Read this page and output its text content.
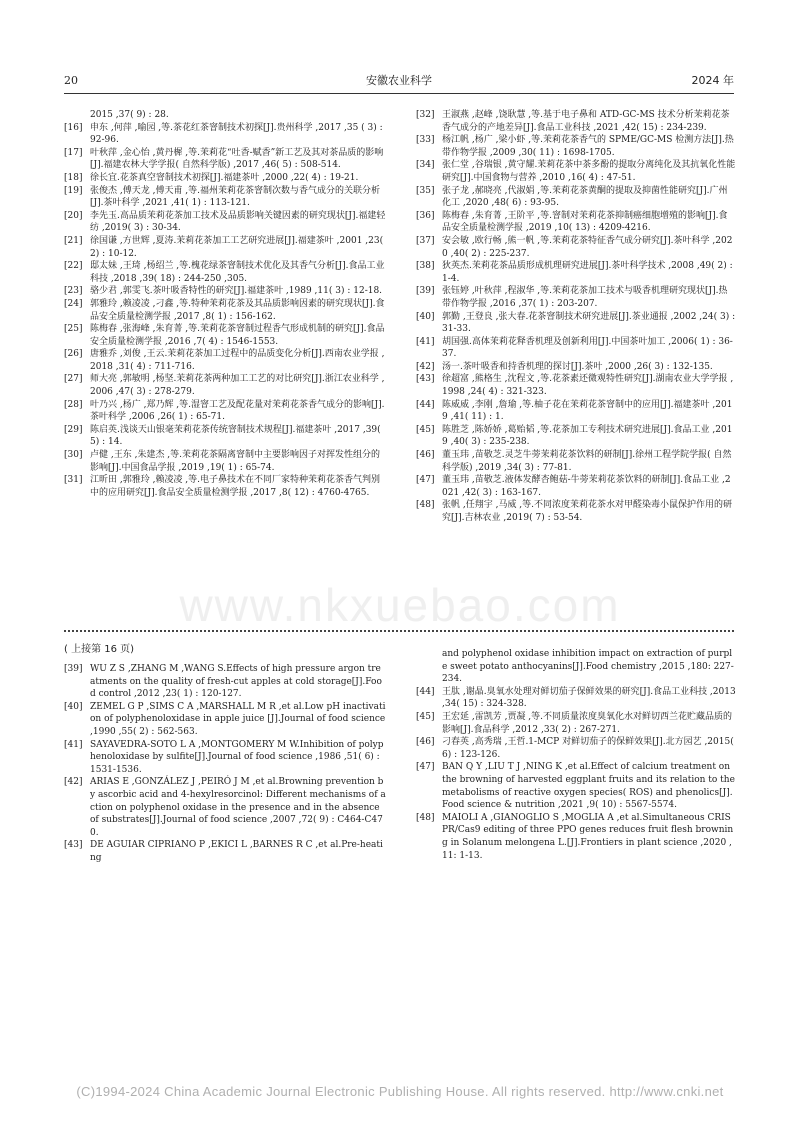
20	安徽农业科学	2024 年
2015 ,37( 9) : 28.
[16] 申东 ,何萍 ,喻园 ,等.茶花红茶窨制技术初探[J].贵州科学 ,2017 ,35 ( 3) : 92-96.
[17] 叶秋萍 ,金心怡 ,黄丹樨 ,等.茉莉花“吐香-赋香”新工艺及其对茶品质的影响[J].福建农林大学学报( 自然科学版) ,2017 ,46( 5) : 508-514.
[18] 徐长宜.花茶真空窨制技术初探[J].福建茶叶 ,2000 ,22( 4) : 19-21.
[19] 张俊杰 ,傅天龙 ,傅天甫 ,等.福州茉莉花茶窨制次数与香气成分的关联分析[J].茶叶科学 ,2021 ,41( 1) : 113-121.
[20] 李先玉.高品质茉莉花茶加工技术及品质影响关键因素的研究现状[J].福建轻纺 ,2019( 3) : 30-34.
[21] 徐国谦 ,方世辉 ,夏涛.茉莉花茶加工工艺研究进展[J].福建茶叶 ,2001 ,23( 2) : 10-12.
[22] 邸太妹 ,王琦 ,杨绍兰 ,等.槐花绿茶窨制技术优化及其香气分析[J].食品工业科技 ,2018 ,39( 18) : 244-250 ,305.
[23] 骆少君 ,郭雯飞.茶叶吸香特性的研究[J].福建茶叶 ,1989 ,11( 3) : 12-18.
[24] 郭雅玲 ,赖凌凌 ,刁鑫 ,等.特种茉莉花茶及其品质影响因素的研究现状[J].食品安全质量检测学报 ,2017 ,8( 1) : 156-162.
[25] 陈梅春 ,张海峰 ,朱育菁 ,等.茉莉花茶窨制过程香气形成机制的研究[J].食品安全质量检测学报 ,2016 ,7( 4) : 1546-1553.
[26] 唐雅乔 ,刘俊 ,王云.茉莉花茶加工过程中的品质变化分析[J].西南农业学报 ,2018 ,31( 4) : 711-716.
[27] 师大亮 ,郭敏明 ,杨坚.茉莉花茶两种加工工艺的对比研究[J].浙江农业科学 ,2006 ,47( 3) : 278-279.
[28] 叶乃兴 ,杨广 ,郑乃辉 ,等.湿窨工艺及配花量对茉莉花茶香气成分的影响[J].茶叶科学 ,2006 ,26( 1) : 65-71.
[29] 陈启英.浅谈天山银毫茉莉花茶传统窨制技术规程[J].福建茶叶 ,2017 ,39( 5) : 14.
[30] 卢健 ,王东 ,朱建杰 ,等.茉莉花茶隔离窨制中主要影响因子对挥发性组分的影响[J].中国食品学报 ,2019 ,19( 1) : 65-74.
[31] 江昕田 ,郭雅玲 ,赖凌凌 ,等.电子鼻技术在不同厂家特种茉莉花茶香气判别中的应用研究[J].食品安全质量检测学报 ,2017 ,8( 12) : 4760-4765.
[32] 王淑燕 ,赵峰 ,饶耿慧 ,等.基于电子鼻和 ATD-GC-MS 技术分析茉莉花茶香气成分的产地差异[J].食品工业科技 ,2021 ,42( 15) : 234-239.
[33] 杨江帆 ,杨广 ,梁小虾 ,等.茉莉花茶香气的 SPME/GC-MS 检测方法[J].热带作物学报 ,2009 ,30( 11) : 1698-1705.
[34] 张仁堂 ,谷瑞银 ,黄守耀.茉莉花茶中茶多酚的提取分离纯化及其抗氧化性能研究[J].中国食物与营养 ,2010 ,16( 4) : 47-51.
[35] 张子龙 ,郝晓亮 ,代淑娟 ,等.茉莉花茶黄酮的提取及抑菌性能研究[J].广州化工 ,2020 ,48( 6) : 93-95.
[36] 陈梅春 ,朱育菁 ,王阶平 ,等.窨制对茉莉花茶抑制癌细胞增殖的影响[J].食品安全质量检测学报 ,2019 ,10( 13) : 4209-4216.
[37] 安会敏 ,欧行畅 ,熊一帆 ,等.茉莉花茶特征香气成分研究[J].茶叶科学 ,2020 ,40( 2) : 225-237.
[38] 狄英杰.茉莉花茶品质形成机理研究进展[J].茶叶科学技术 ,2008 ,49( 2) : 1-4.
[39] 张钰婷 ,叶秋萍 ,程淑华 ,等.茉莉花茶加工技术与吸香机理研究现状[J].热带作物学报 ,2016 ,37( 1) : 203-207.
[40] 郭勤 ,王登良 ,张大春.花茶窨制技术研究进展[J].茶业通报 ,2002 ,24( 3) : 31-33.
[41] 胡国强.高体茉莉花释香机理及创新利用[J].中国茶叶加工 ,2006( 1) : 36-37.
[42] 汤一.茶叶吸香和持香机理的探讨[J].茶叶 ,2000 ,26( 3) : 132-135.
[43] 徐超富 ,熊格生 ,沈程文 ,等.花茶素还微观特性研究[J].湖南农业大学学报 ,1998 ,24( 4) : 321-323.
[44] 陈威威 ,李刚 ,詹瑜 ,等.柚子花在茉莉花茶窨制中的应用[J].福建茶叶 ,2019 ,41( 11) : 1.
[45] 陈胜芝 ,陈娇娇 ,葛贻韬 ,等.花茶加工专利技术研究进展[J].食品工业 ,2019 ,40( 3) : 235-238.
[46] 董玉玮 ,苗敬芝.灵芝牛蒡茉莉花茶饮料的研制[J].徐州工程学院学报( 自然科学版) ,2019 ,34( 3) : 77-81.
[47] 董玉玮 ,苗敬芝.液体发酵杏鲍菇-牛蒡茉莉花茶饮料的研制[J].食品工业 ,2021 ,42( 3) : 163-167.
[48] 张帆 ,任翔宇 ,马威 ,等.不同浓度茉莉花茶水对甲醛染毒小鼠保护作用的研究[J].吉林农业 ,2019( 7) : 53-54.
www.nkxuebao.com
( 上接第 16 页)
[39] WU Z S ,ZHANG M ,WANG S.Effects of high pressure argon treatments on the quality of fresh-cut apples at cold storage[J].Food control ,2012 ,23( 1) : 120-127.
[40] ZEMEL G P ,SIMS C A ,MARSHALL M R ,et al.Low pH inactivation of polyphenoloxidase in apple juice [J].Journal of food science ,1990 ,55( 2) : 562-563.
[41] SAYAVEDRA-SOTO L A ,MONTGOMERY M W.Inhibition of polyphenoloxidase by sulfite[J].Journal of food science ,1986 ,51( 6) : 1531-1536.
[42] ARIAS E ,GONZÁLEZ J ,PEIRÓ J M ,et al.Browning prevention by ascorbic acid and 4-hexylresorcinol: Different mechanisms of action on polyphenol oxidase in the presence and in the absence of substrates[J].Journal of food science ,2007 ,72( 9) : C464-C470.
[43] DE AGUIAR CIPRIANO P ,EKICI L ,BARNES R C ,et al.Pre-heating
and polyphenol oxidase inhibition impact on extraction of purple sweet potato anthocyanins[J].Food chemistry ,2015 ,180: 227-234.
[44] 王肽 ,谢晶.臭氧水处理对鲜切茄子保鲜效果的研究[J].食品工业科技 ,2013 ,34( 15) : 324-328.
[45] 王宏延 ,雷凯芳 ,贾凝 ,等.不同质量浓度臭氧化水对鲜切西兰花贮藏品质的影响[J].食品科学 ,2012 ,33( 2) : 267-271.
[46] 刁春英 ,高秀瑞 ,王哲.1-MCP 对鲜切茄子的保鲜效果[J].北方园艺 ,2015( 6) : 123-126.
[47] BAN Q Y ,LIU T J ,NING K ,et al.Effect of calcium treatment on the browning of harvested eggplant fruits and its relation to the metabolisms of reactive oxygen species( ROS) and phenolics[J].Food science & nutrition ,2021 ,9( 10) : 5567-5574.
[48] MAIOLI A ,GIANOGLIO S ,MOGLIA A ,et al.Simultaneous CRISPR/Cas9 editing of three PPO genes reduces fruit flesh browning in Solanum melongena L.[J].Frontiers in plant science ,2020 ,11: 1-13.
(C)1994-2024 China Academic Journal Electronic Publishing House. All rights reserved. http://www.cnki.net
